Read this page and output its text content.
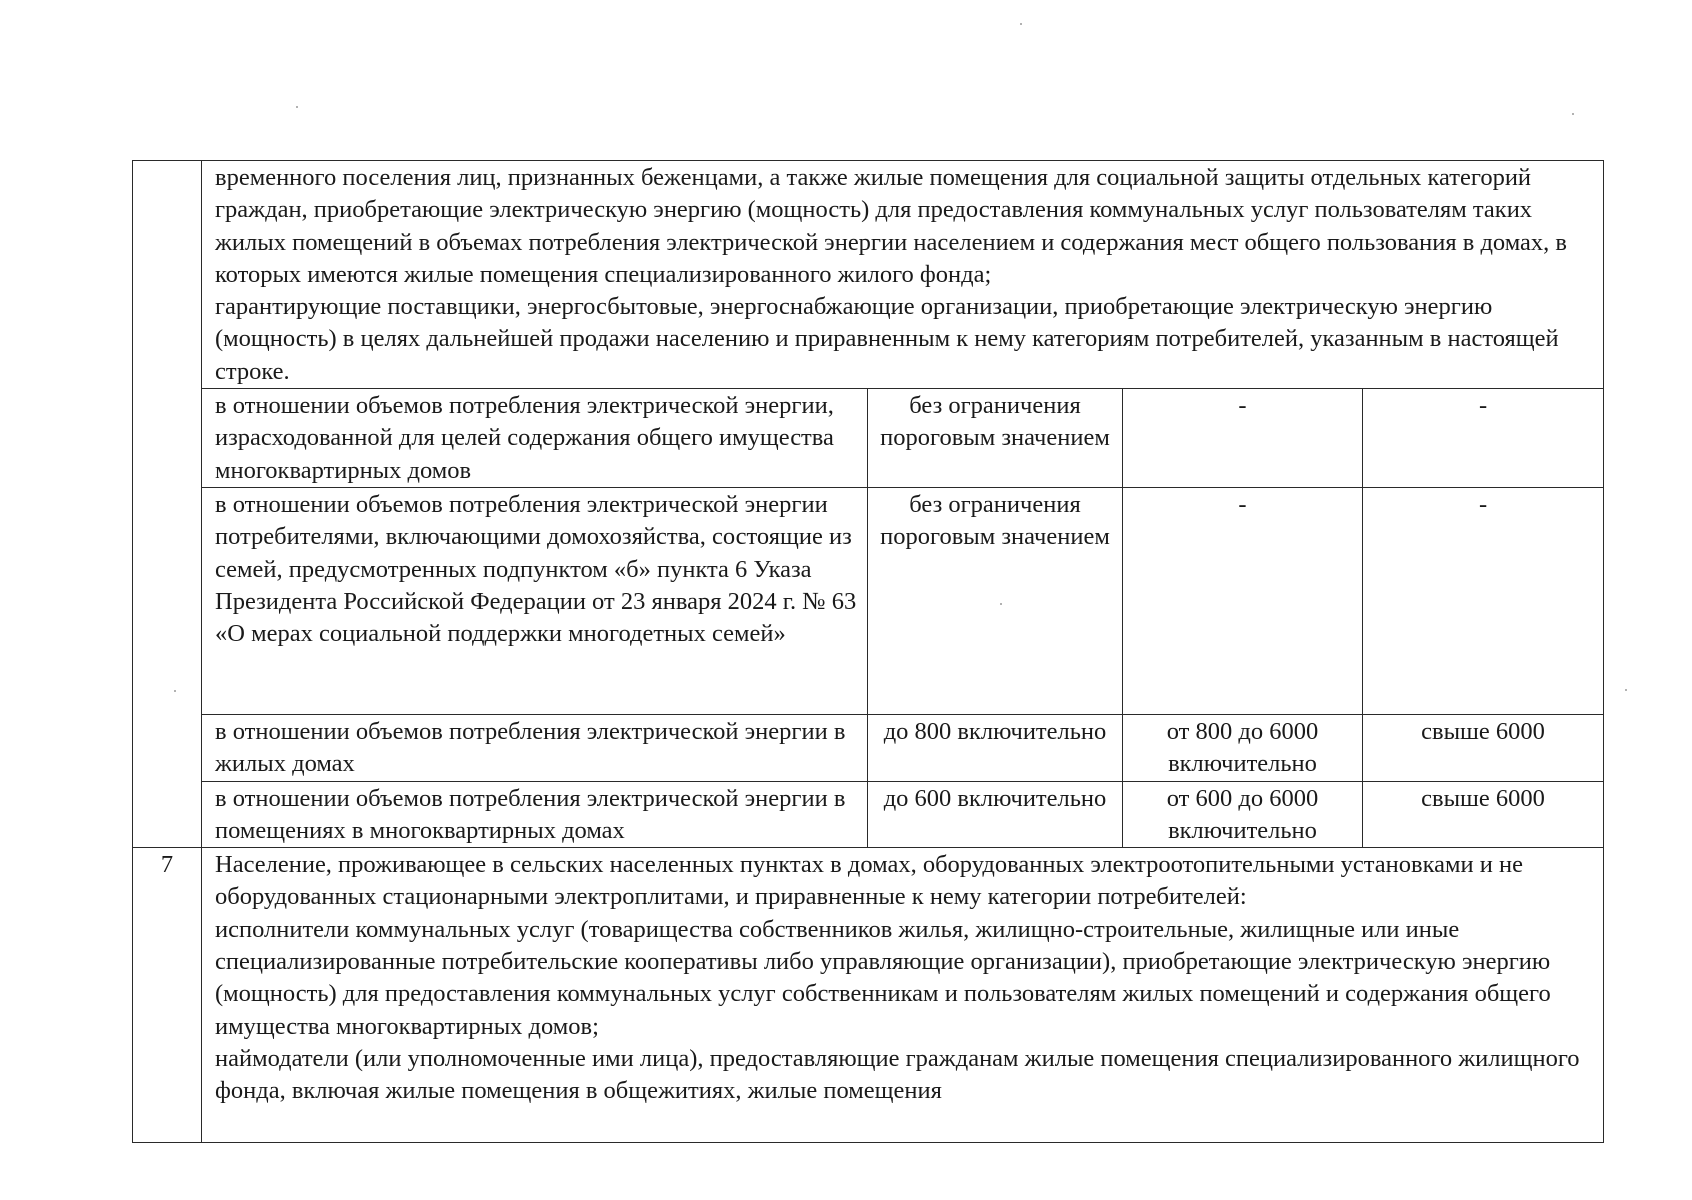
	временного поселения лиц, признанных беженцами, а также жилые помещения для социальной защиты отдельных категорий граждан, приобретающие электрическую энергию (мощность) для предоставления коммунальных услуг пользователям таких жилых помещений в объемах потребления электрической энергии населением и содержания мест общего пользования в домах, в которых имеются жилые помещения специализированного жилого фонда;
гарантирующие поставщики, энергосбытовые, энергоснабжающие организации, приобретающие электрическую энергию (мощность) в целях дальнейшей продажи населению и приравненным к нему категориям потребителей, указанным в настоящей строке.			

	в отношении объемов потребления электрической энергии, израсходованной для целей содержания общего имущества многоквартирных домов	без ограничения пороговым значением	-	-
	в отношении объемов потребления электрической энергии потребителями, включающими домохозяйства, состоящие из семей, предусмотренных подпунктом «б» пункта 6 Указа Президента Российской Федерации от 23 января 2024 г. № 63 «О мерах социальной поддержки многодетных семей»	без ограничения пороговым значением	-	-
	в отношении объемов потребления электрической энергии в жилых домах	до 800 включительно	от 800 до 6000 включительно	свыше 6000
	в отношении объемов потребления электрической энергии в помещениях в многоквартирных домах	до 600 включительно	от 600 до 6000 включительно	свыше 6000
7	Население, проживающее в сельских населенных пунктах в домах, оборудованных электроотопительными установками и не оборудованных стационарными электроплитами, и приравненные к нему категории потребителей:
исполнители коммунальных услуг (товарищества собственников жилья, жилищно-строительные, жилищные или иные специализированные потребительские кооперативы либо управляющие организации), приобретающие электрическую энергию (мощность) для предоставления коммунальных услуг собственникам и пользователям жилых помещений и содержания общего имущества многоквартирных домов;
наймодатели (или уполномоченные ими лица), предоставляющие гражданам жилые помещения специализированного жилищного фонда, включая жилые помещения в общежитиях, жилые помещения			
